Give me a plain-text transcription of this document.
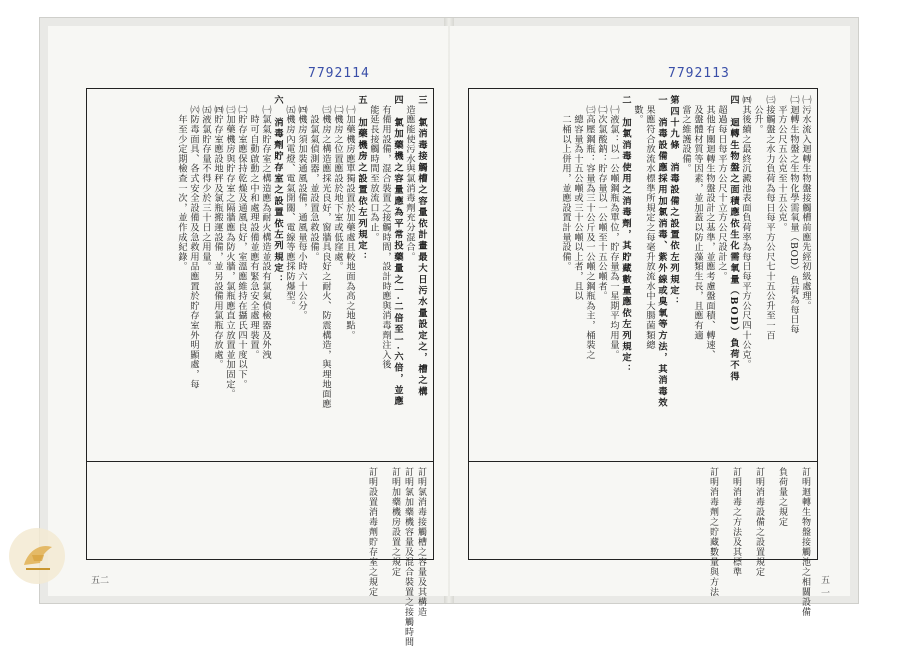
7792114
三　氯消毒接觸槽之容量依計畫最大日污水量設定之，槽之構
　造應能使污水與氯消毒劑充分混合。
四　氯加藥機之容量應為平常投藥量之一‧二倍至一‧六倍，並應
　有備用設備，混合裝置之接觸時間，設計時應與消毒劑注入後
　能延長接觸時間至放流口為止。
五　加藥機房之設置依左列規定：
　㈠加藥機房應單獨設置於加藥處且較地面為高之地點。
　㈡機房之位置應設於地下室或低窪處。
　㈢機房之構造應採光良好，窗牆具良好之耐火、防震構造，與埋地面應
　　設氯氣偵測器，並設置急救設備。
　㈣機房須加裝通風設備，通風量每小時六十公分。
　㈤機房內電燈、電氣開關、電線等應採防爆型。
六　消毒劑貯存室之設置依左列規定：
　㈠氯氣貯存室之構造應為耐火構造並設有氯氣偵檢器及外洩
　　時可自動啟動之中和處理設備並應有緊急安全處理裝置。
　㈡貯存室應保持乾燥及通風良好，室溫應維持在攝氏四十度以下。
　㈢加藥機房與貯存室之隔牆應為防火牆，氯瓶應直立放置並加固定。
　㈣貯存室應設地秤及氯瓶搬運設備，並另設備用氯瓶存放處。
　㈤液氯貯存量不得少於三十日之用量。
　㈥防毒面具、各式安全設備及急救用品應置於貯存室外明顯處，每
　　年至少定期檢查一次，並作成紀錄。
訂明氯消毒接觸槽之容量及其構造
訂明氯加藥機容量及混合裝置之接觸時間
訂明加藥機房設置之規定
訂明設置消毒劑貯存室之規定
五二
7792113
㈠污水流入迴轉生物盤接觸槽前應先經初級處理。
㈡迴轉生物盤之生物化學需氧量（BOD）負荷為每日每
　平方公尺五公克至十五公克。
㈢接觸盤之水力負荷為每日每平方公尺七十五公升至一百
　公升。
㈣其後續之最終沉澱池表面負荷率為每日每平方公尺四十公克。
四　迴轉生物盤之面積應依生化需氧量（BOD）負荷不得
　超過每日每平方公尺十立方公尺設計之。
　其他有關迴轉生物盤設計之基準，並應考慮盤面積、轉速、
　及盤體材質等因素，並加蓋以防止藻類生長，且應有適
　當之維護設備。
第四十九條　消毒設備之設置依左列規定：
一　消毒設備應採用加氯消毒、紫外線或臭氧等方法，其消毒效
　果應符合放流水標準所規定之每毫升放流水中大腸菌類總
　數。
二　加氯消毒使用之消毒劑，其貯藏數量應依左列規定：
　㈠液氯：以一公噸鋼瓶為單位，貯存量為一星期平均用量。
　㈡次氯酸鈉：貯存量以一公噸至十五公噸者。
　㈢高壓鋼瓶：容量為三十公斤及一公噸之鋼瓶為主，桶裝之
　　總容量為十五公噸或三十公噸以上者，且以
　　二桶以上併用，並應設置計量設備。
訂明迴轉生物盤接觸池之相關設備
負荷量之規定
訂明消毒設備之設置規定
訂明消毒之方法及其標準
訂明消毒劑之貯藏數量與方法	五一
